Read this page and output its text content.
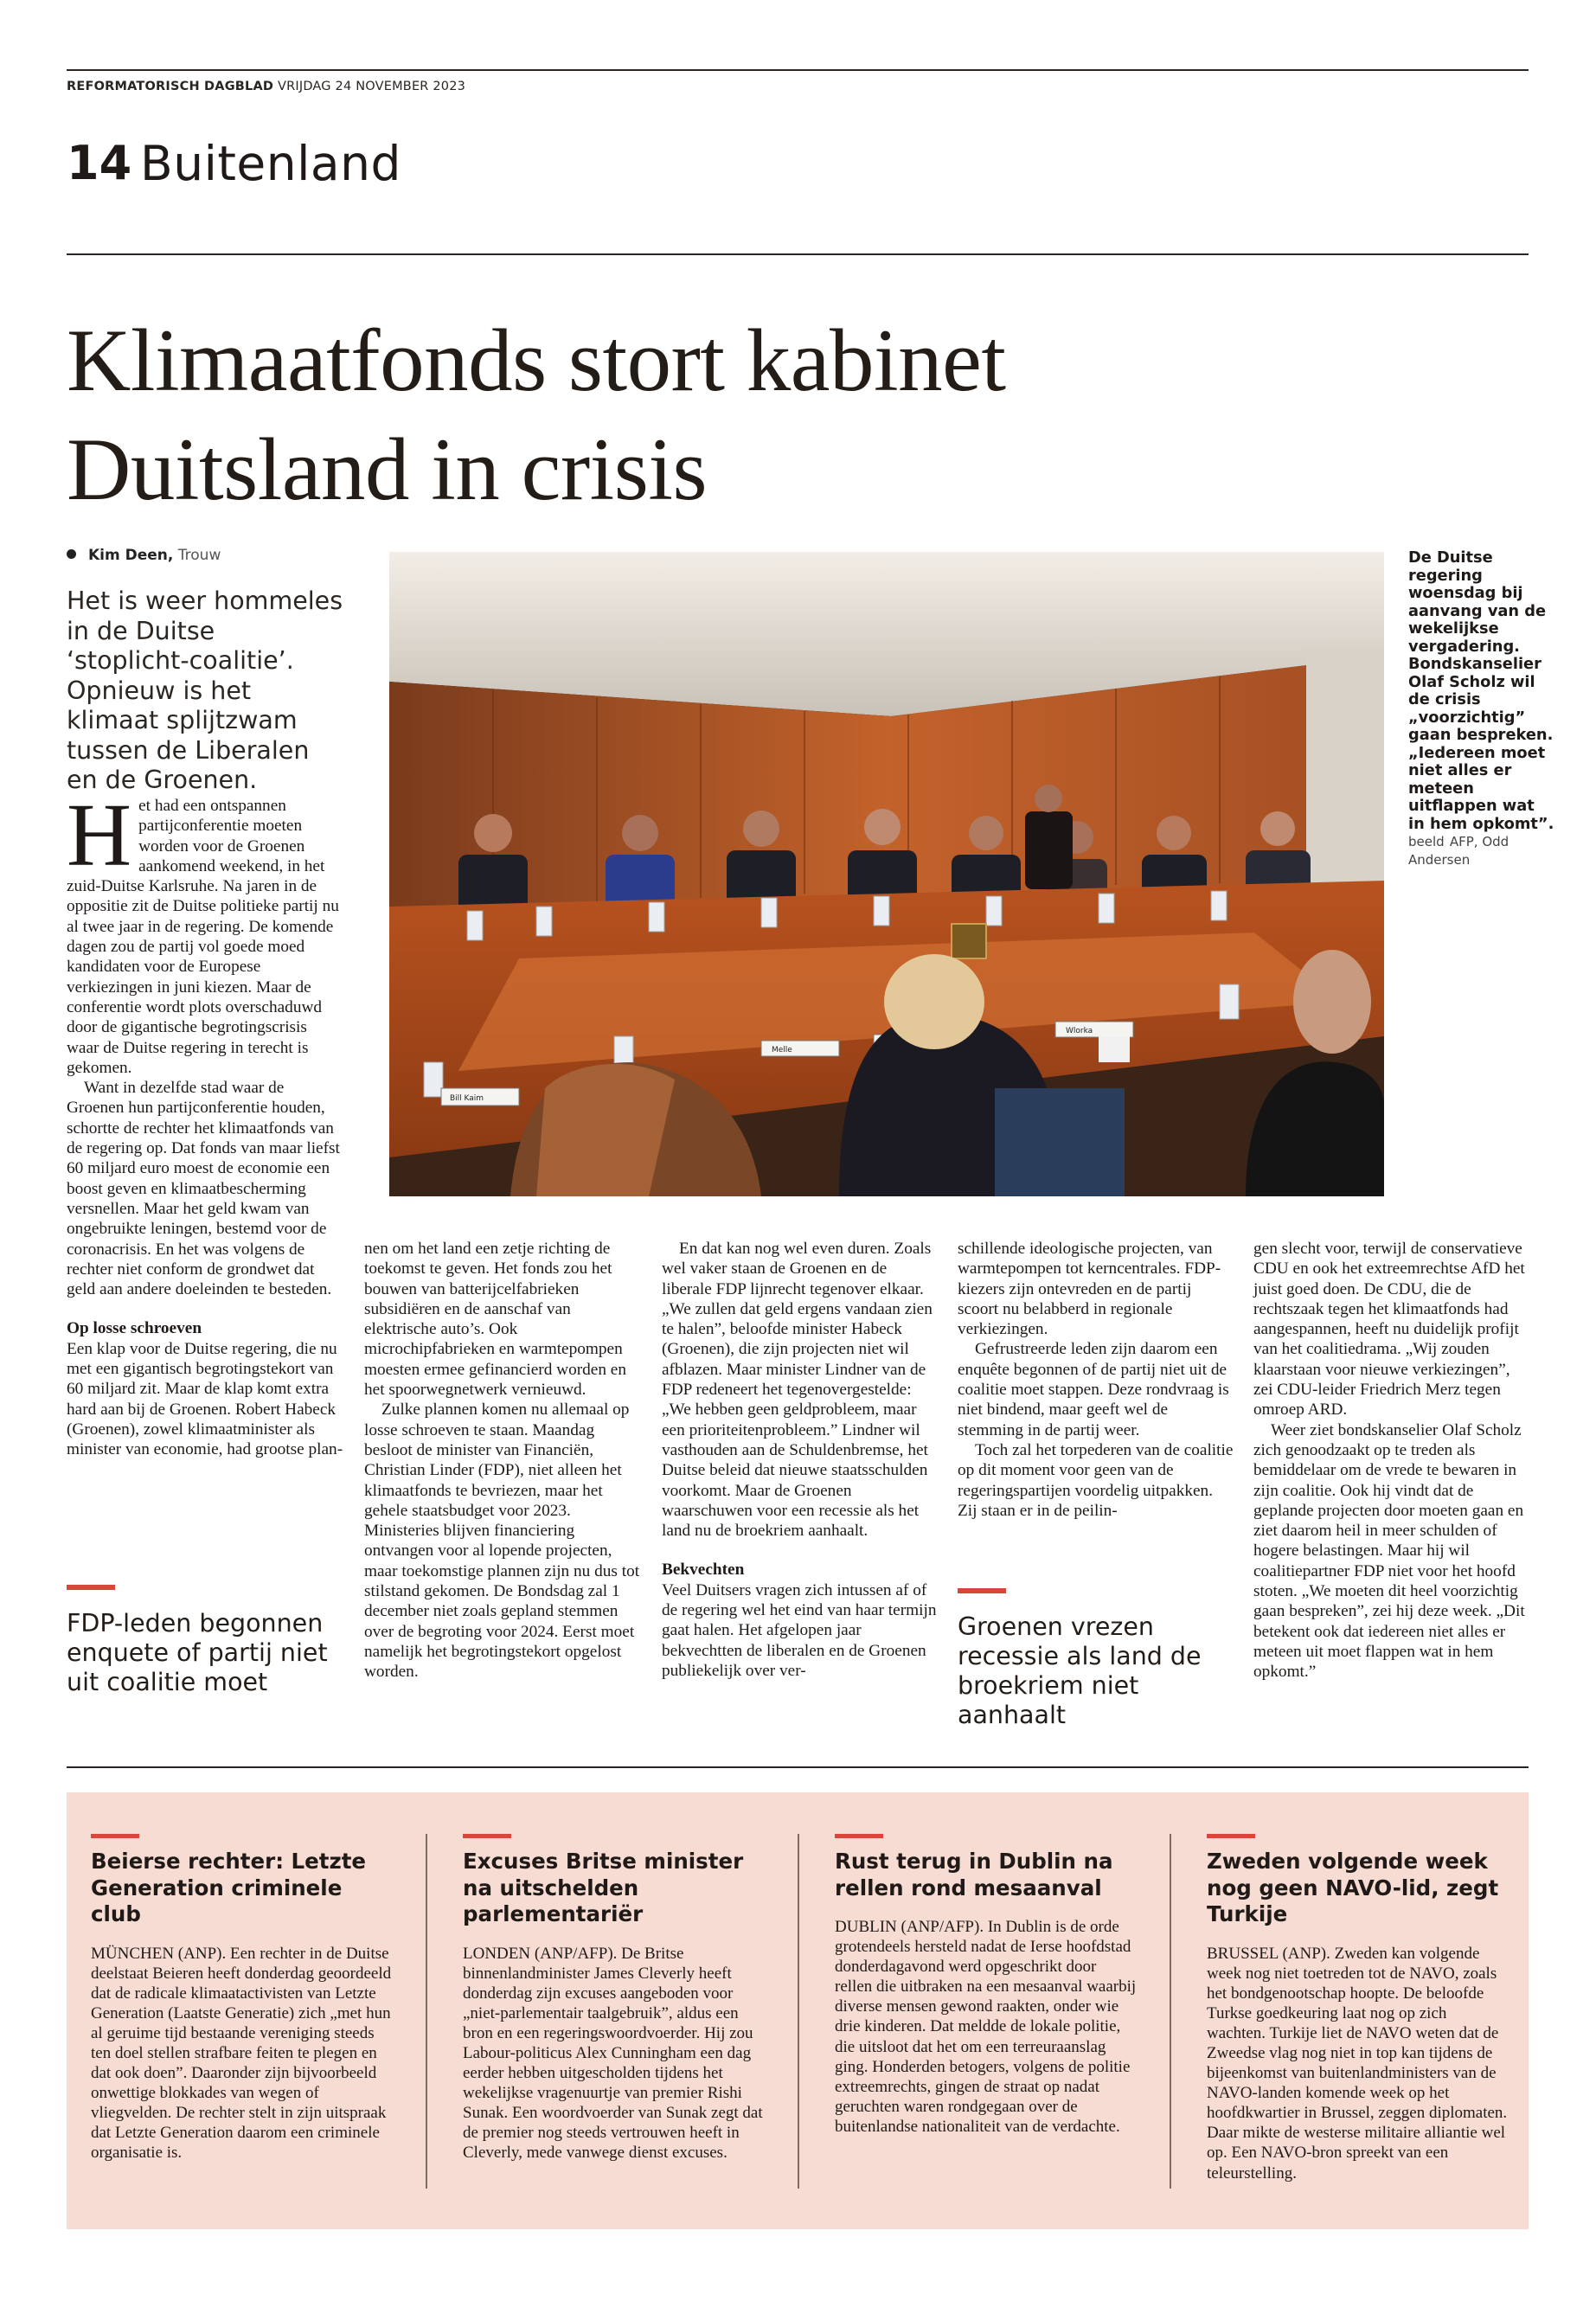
REFORMATORISCH DAGBLAD VRIJDAG 24 NOVEMBER 2023
14 Buitenland
Klimaatfonds stort kabinet
Duitsland in crisis
Kim Deen, Trouw
Het is weer hommeles in de Duitse ‘stoplicht-coalitie’. Opnieuw is het klimaat splijtzwam tussen de Liberalen en de Groenen.
Bill Kaim
Melle
Wlorka
De Duitse regering woensdag bij aanvang van de wekelijkse vergadering. Bondskanselier Olaf Scholz wil de crisis „voorzichtig” gaan bespreken. „Iedereen moet niet alles er meteen uitflappen wat in hem opkomt”. beeld AFP, Odd Andersen

Het had een ontspannen partijconferentie moeten worden voor de Groenen aankomend weekend, in het zuid-Duitse Karlsruhe. Na jaren in de oppositie zit de Duitse politieke partij nu al twee jaar in de regering. De komende dagen zou de partij vol goede moed kandidaten voor de Europese verkiezingen in juni kiezen. Maar de conferentie wordt plots overschaduwd door de gigantische begrotingscrisis waar de Duitse regering in terecht is gekomen.

Want in dezelfde stad waar de Groenen hun partijconferentie houden, schortte de rechter het klimaatfonds van de regering op. Dat fonds van maar liefst 60 miljard euro moest de economie een boost geven en klimaatbescherming versnellen. Maar het geld kwam van ongebruikte leningen, bestemd voor de coronacrisis. En het was volgens de rechter niet conform de grondwet dat geld aan andere doeleinden te besteden.

Op losse schroeven

Een klap voor de Duitse regering, die nu met een gigantisch begrotingstekort van 60 miljard zit. Maar de klap komt extra hard aan bij de Groenen. Robert Habeck (Groenen), zowel klimaatminister als minister van economie, had grootse plan-

FDP-leden begonnen enquete of partij niet uit coalitie moet

nen om het land een zetje richting de toekomst te geven. Het fonds zou het bouwen van batterijcelfabrieken subsidiëren en de aanschaf van elektrische auto’s. Ook microchipfabrieken en warmtepompen moesten ermee gefinancierd worden en het spoorwegnetwerk vernieuwd.

Zulke plannen komen nu allemaal op losse schroeven te staan. Maandag besloot de minister van Financiën, Christian Linder (FDP), niet alleen het klimaatfonds te bevriezen, maar het gehele staatsbudget voor 2023. Ministeries blijven financiering ontvangen voor al lopende projecten, maar toekomstige plannen zijn nu dus tot stilstand gekomen. De Bondsdag zal 1 december niet zoals gepland stemmen over de begroting voor 2024. Eerst moet namelijk het begrotingstekort opgelost worden.

En dat kan nog wel even duren. Zoals wel vaker staan de Groenen en de liberale FDP lijnrecht tegenover elkaar. „We zullen dat geld ergens vandaan zien te halen”, beloofde minister Habeck (Groenen), die zijn projecten niet wil afblazen. Maar minister Lindner van de FDP redeneert het tegenovergestelde: „We hebben geen geldprobleem, maar een prioriteitenprobleem.” Lindner wil vasthouden aan de Schuldenbremse, het Duitse beleid dat nieuwe staatsschulden voorkomt. Maar de Groenen waarschuwen voor een recessie als het land nu de broekriem aanhaalt.

Bekvechten

Veel Duitsers vragen zich intussen af of de regering wel het eind van haar termijn gaat halen. Het afgelopen jaar bekvechtten de liberalen en de Groenen publiekelijk over ver-

schillende ideologische projecten, van warmtepompen tot kerncentrales. FDP-kiezers zijn ontevreden en de partij scoort nu belabberd in regionale verkiezingen.

Gefrustreerde leden zijn daarom een enquête begonnen of de partij niet uit de coalitie moet stappen. Deze rondvraag is niet bindend, maar geeft wel de stemming in de partij weer.

Toch zal het torpederen van de coalitie op dit moment voor geen van de regeringspartijen voordelig uitpakken. Zij staan er in de peilin-

Groenen vrezen recessie als land de broekriem niet aanhaalt

gen slecht voor, terwijl de conservatieve CDU en ook het extreemrechtse AfD het juist goed doen. De CDU, die de rechtszaak tegen het klimaatfonds had aangespannen, heeft nu duidelijk profijt van het coalitiedrama. „Wij zouden klaarstaan voor nieuwe verkiezingen”, zei CDU-leider Friedrich Merz tegen omroep ARD.

Weer ziet bondskanselier Olaf Scholz zich genoodzaakt op te treden als bemiddelaar om de vrede te bewaren in zijn coalitie. Ook hij vindt dat de geplande projecten door moeten gaan en ziet daarom heil in meer schulden of hogere belastingen. Maar hij wil coalitiepartner FDP niet voor het hoofd stoten. „We moeten dit heel voorzichtig gaan bespreken”, zei hij deze week. „Dit betekent ook dat iedereen niet alles er meteen uit moet flappen wat in hem opkomt.”

Beierse rechter: Letzte Generation criminele club

MÜNCHEN (ANP). Een rechter in de Duitse deelstaat Beieren heeft donderdag geoordeeld dat de radicale klimaatactivisten van Letzte Generation (Laatste Generatie) zich „met hun al geruime tijd bestaande vereniging steeds ten doel stellen strafbare feiten te plegen en dat ook doen”. Daaronder zijn bijvoorbeeld onwettige blokkades van wegen of vliegvelden. De rechter stelt in zijn uitspraak dat Letzte Generation daarom een criminele organisatie is.

Excuses Britse minister na uitschelden parlementariër

LONDEN (ANP/AFP). De Britse binnenlandminister James Cleverly heeft donderdag zijn excuses aangeboden voor „niet-parlementair taalgebruik”, aldus een bron en een regeringswoordvoerder. Hij zou Labour-politicus Alex Cunningham een dag eerder hebben uitgescholden tijdens het wekelijkse vragenuurtje van premier Rishi Sunak. Een woordvoerder van Sunak zegt dat de premier nog steeds vertrouwen heeft in Cleverly, mede vanwege dienst excuses.

Rust terug in Dublin na rellen rond mesaanval

DUBLIN (ANP/AFP). In Dublin is de orde grotendeels hersteld nadat de Ierse hoofdstad donderdagavond werd opgeschrikt door rellen die uitbraken na een mesaanval waarbij diverse mensen gewond raakten, onder wie drie kinderen. Dat meldde de lokale politie, die uitsloot dat het om een terreuraanslag ging. Honderden betogers, volgens de politie extreemrechts, gingen de straat op nadat geruchten waren rondgegaan over de buitenlandse nationaliteit van de verdachte.

Zweden volgende week nog geen NAVO-lid, zegt Turkije

BRUSSEL (ANP). Zweden kan volgende week nog niet toetreden tot de NAVO, zoals het bondgenootschap hoopte. De beloofde Turkse goedkeuring laat nog op zich wachten. Turkije liet de NAVO weten dat de Zweedse vlag nog niet in top kan tijdens de bijeenkomst van buitenlandministers van de NAVO-landen komende week op het hoofdkwartier in Brussel, zeggen diplomaten. Daar mikte de westerse militaire alliantie wel op. Een NAVO-bron spreekt van een teleurstelling.
